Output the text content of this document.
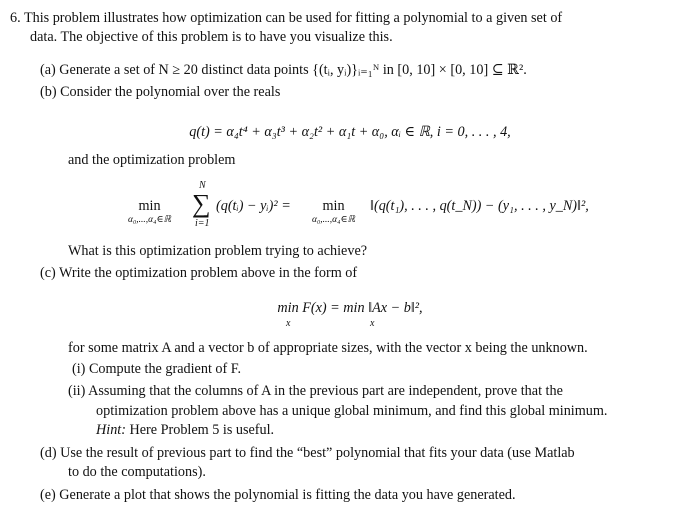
6. This problem illustrates how optimization can be used for fitting a polynomial to a given set of
data. The objective of this problem is to have you visualize this.
(a) Generate a set of N ≥ 20 distinct data points {(tᵢ, yᵢ)}ᵢ₌₁ᴺ in [0, 10] × [0, 10] ⊆ ℝ².
(b) Consider the polynomial over the reals
q(t) = α₄t⁴ + α₃t³ + α₂t² + α₁t + α₀, αᵢ ∈ ℝ, i = 0, . . . , 4,
and the optimization problem
min
α₀,...,α₄∈ℝ
N
∑
i=1
(q(tᵢ) − yᵢ)² =	min
α₀,...,α₄∈ℝ
‖(q(t₁), . . . , q(t_N)) − (y₁, . . . , y_N)‖²,
What is this optimization problem trying to achieve?
(c) Write the optimization problem above in the form of
min F(x) = min ‖Ax − b‖²,
x	x
for some matrix A and a vector b of appropriate sizes, with the vector x being the unknown.
(i) Compute the gradient of F.
(ii) Assuming that the columns of A in the previous part are independent, prove that the
optimization problem above has a unique global minimum, and find this global minimum.
Hint: Here Problem 5 is useful.
(d) Use the result of previous part to find the “best” polynomial that fits your data (use Matlab
to do the computations).
(e) Generate a plot that shows the polynomial is fitting the data you have generated.
